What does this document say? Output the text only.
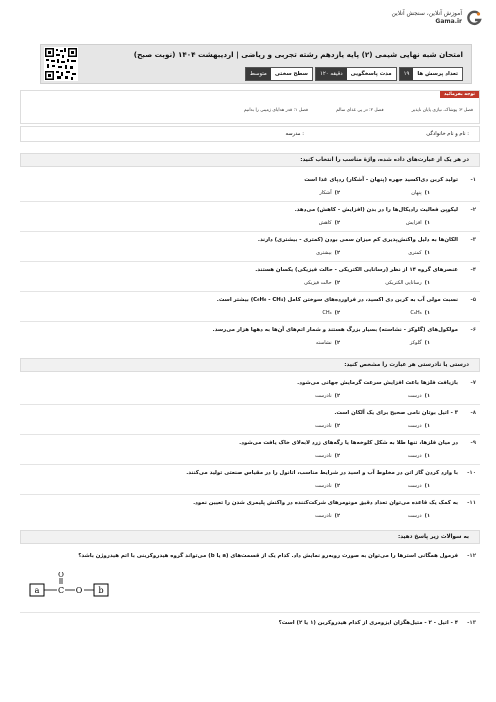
آموزش آنلاین، سنجش آنلاین
Gama.ir
امتحان شبه نهایی شیمی (۲) پایه یازدهم رشته تجربی و ریاضی | اردیبهشت ۱۴۰۴ (نوبت صبح)
تعداد پرسش ها
۱۹
مدت پاسخگویی
۱۲۰ دقیقه
سطح سختی
متوسط
توجه بفرمائید
فصل ۱: قدر هدایای زمینی را بدانیم	فصل ۲: در پی غذای سالم	فصل ۳: پوشاک، نیازی پایان ناپذیر
نام و نام خانوادگی :
مدرسه :
در هر یک از عبارت‌های داده شده، واژهٔ مناسب را انتخاب کنید:
۱-
تولید کربن دی‌اکسید جهره (پنهان - آشکار) ردپای غذا است
۱)پنهان
۲)آشکار
۲-
لیکوپن فعالیت رادیکال‌ها را در بدن (افزایش - کاهش) می‌دهد.
۱)افزایش
۲)کاهش
۳-
الکان‌ها به دلیل واکنش‌پذیری کم میزان سمی بودن (کمتری - بیشتری) دارند.
۱)کمتری
۲)بیشتری
۴-
عنصرهای گروه ۱۴ از نظر (رسانایی الکتریکی - حالت فیزیکی) یکسان هستند.
۱)رسانایی الکتریکی
۲)حالت فیزیکی
۵-
نسبت مولی آب به کربن دی اکسید، در فراورده‌های سوختن کامل (C₆H₆ - CH₄) بیشتر است.
۱)C₆H₆
۲)CH₄
۶-
مولکول‌های (گلوکز - نشاسته) بسیار بزرگ هستند و شمار اتم‌های آن‌ها به دهها هزار می‌رسد.
۱)گلوکز
۲)نشاسته
درستی یا نادرستی هر عبارت را مشخص کنید:
۷-
بازیافت فلزها باعث افزایش سرعت گرمایش جهانی می‌شود.
۱)درست
۲)نادرست
۸-
۳ - اتیل بوتان نامی صحیح برای یک آلکان است.
۱)درست
۲)نادرست
۹-
در میان فلزها، تنها طلا به شکل کلوخه‌ها یا رگه‌های زرد لابه‌لای خاک یافت می‌شود.
۱)درست
۲)نادرست
۱۰-
با وارد کردن گاز اتن در مخلوط آب و اسید در شرایط مناسب، اتانول را در مقیاس صنعتی تولید می‌کنند.
۱)درست
۲)نادرست
۱۱-
به کمک یک قاعده می‌توان تعداد دقیق مونومرهای شرکت‌کننده در واکنش پلیمری شدن را تعیین نمود.
۱)درست
۲)نادرست
به سوالات زیر پاسخ دهید:
۱۲-
فرمول همگانی استرها را می‌توان به صورت روبه‌رو نمایش داد. کدام یک از قسمت‌های (a یا b) می‌تواند گروه هیدروکربنی با اتم هیدروژن باشد؟
a C
O
O b
۱۳-
۴ - اتیل - ۲ - متیل‌هگزان ایزومری از کدام هیدروکربن (۱ یا ۲) است؟
